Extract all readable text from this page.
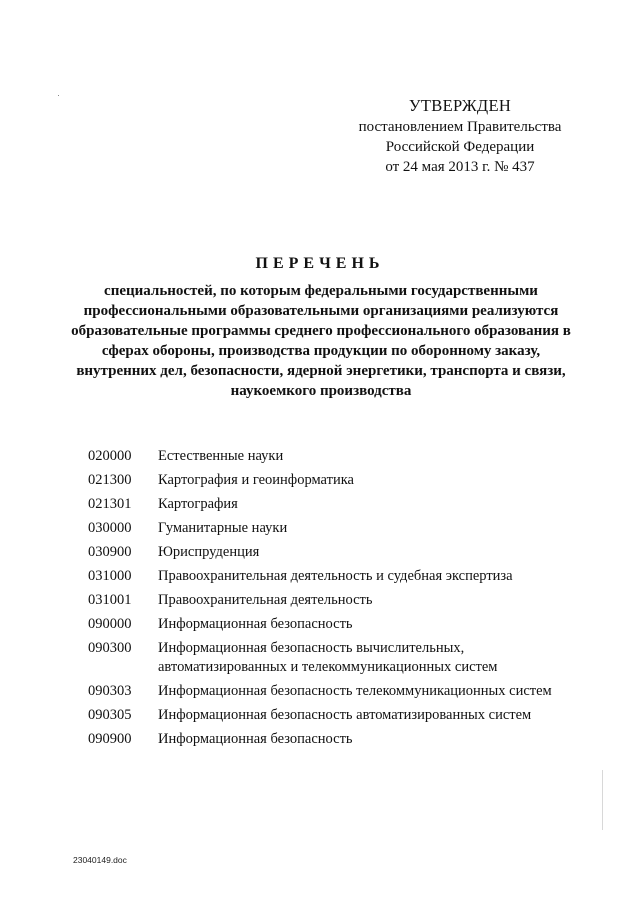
УТВЕРЖДЕН
постановлением Правительства
Российской Федерации
от 24 мая 2013 г. № 437
ПЕРЕЧЕНЬ
специальностей, по которым федеральными государственными профессиональными образовательными организациями реализуются образовательные программы среднего профессионального образования в сферах обороны, производства продукции по оборонному заказу, внутренних дел, безопасности, ядерной энергетики, транспорта и связи, наукоемкого производства
020000	Естественные науки
021300	Картография и геоинформатика
021301	Картография
030000	Гуманитарные науки
030900	Юриспруденция
031000	Правоохранительная деятельность и судебная экспертиза
031001	Правоохранительная деятельность
090000	Информационная безопасность
090300	Информационная безопасность вычислительных, автоматизированных и телекоммуникационных систем
090303	Информационная безопасность телекоммуникационных систем
090305	Информационная безопасность автоматизированных систем
090900	Информационная безопасность
23040149.doc
